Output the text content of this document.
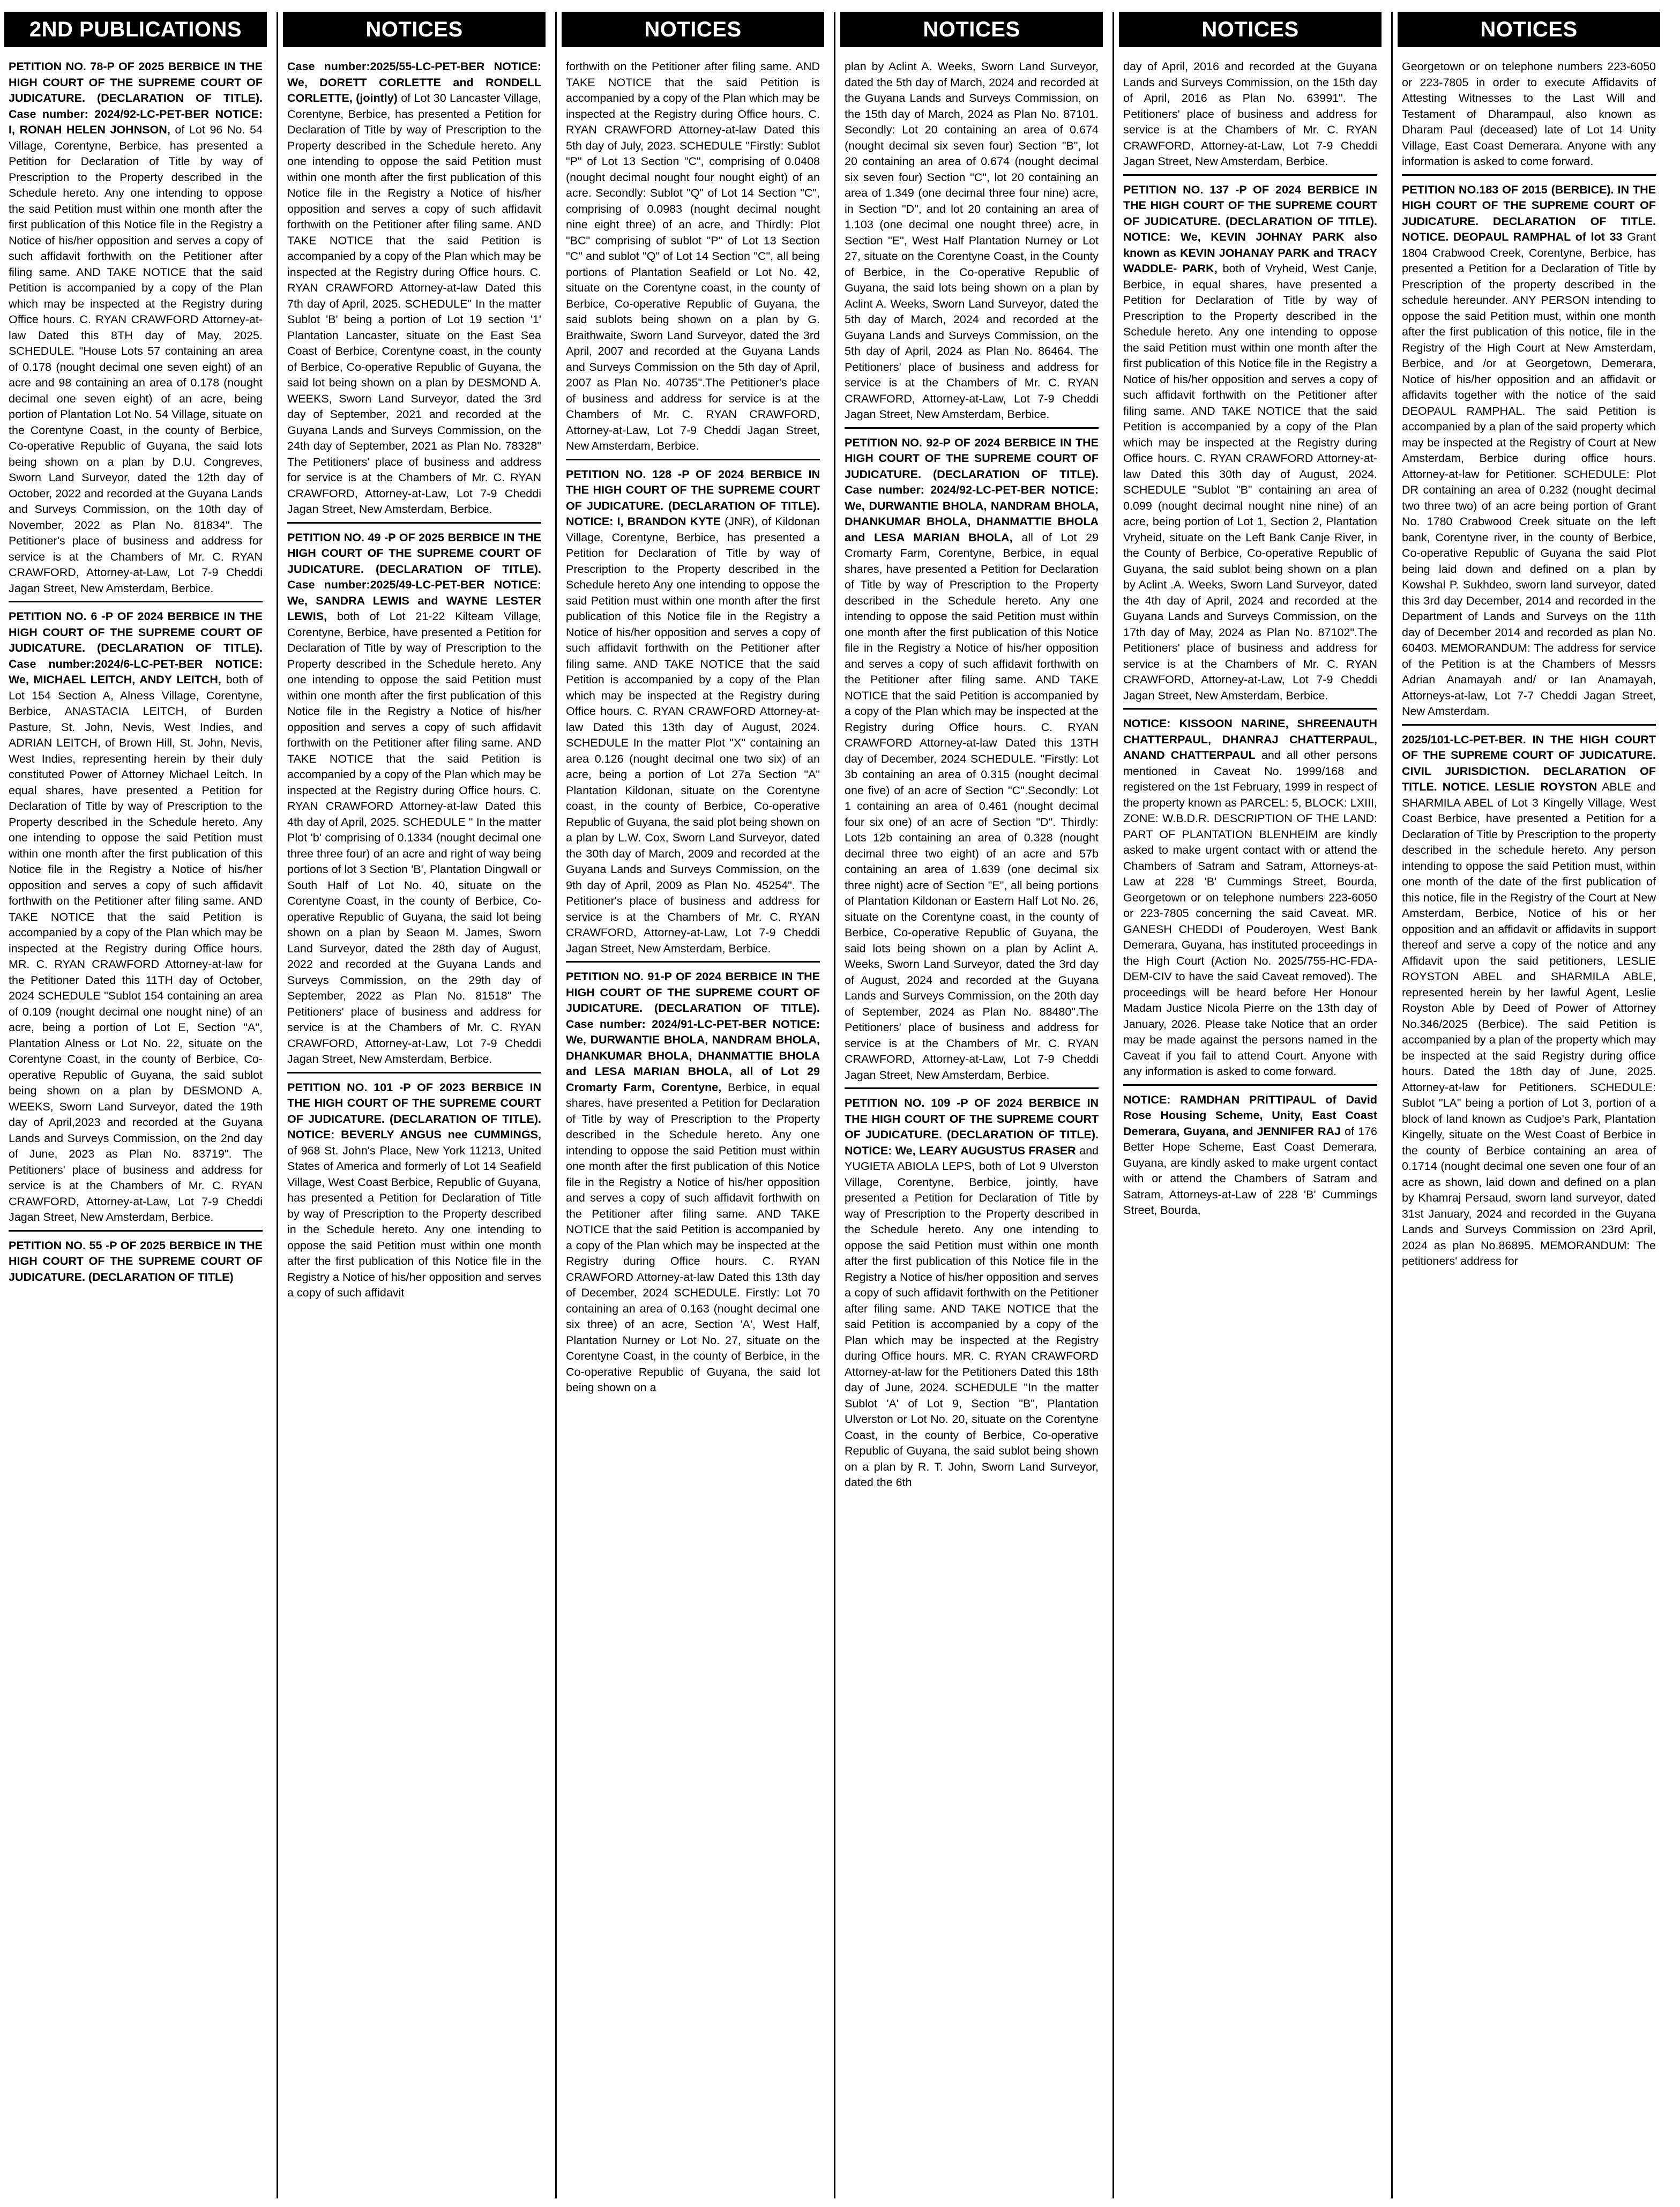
2ND PUBLICATIONS

PETITION NO. 78-P OF 2025 BERBICE IN THE HIGH COURT OF THE SUPREME COURT OF JUDICATURE. (DECLARATION OF TITLE). Case number: 2024/92-LC-PET-BER NOTICE: I, RONAH HELEN JOHNSON, of Lot 96 No. 54 Village, Corentyne, Berbice, has presented a Petition for Declaration of Title by way of Prescription to the Property described in the Schedule hereto. Any one intending to oppose the said Petition must within one month after the first publication of this Notice file in the Registry a Notice of his/her opposition and serves a copy of such affidavit forthwith on the Petitioner after filing same. AND TAKE NOTICE that the said Petition is accompanied by a copy of the Plan which may be inspected at the Registry during Office hours. C. RYAN CRAWFORD Attorney-at-law Dated this 8TH day of May, 2025. SCHEDULE. "House Lots 57 containing an area of 0.178 (nought decimal one seven eight) of an acre and 98 containing an area of 0.178 (nought decimal one seven eight) of an acre, being portion of Plantation Lot No. 54 Village, situate on the Corentyne Coast, in the county of Berbice, Co-operative Republic of Guyana, the said lots being shown on a plan by D.U. Congreves, Sworn Land Surveyor, dated the 12th day of October, 2022 and recorded at the Guyana Lands and Surveys Commission, on the 10th day of November, 2022 as Plan No. 81834". The Petitioner's place of business and address for service is at the Chambers of Mr. C. RYAN CRAWFORD, Attorney-at-Law, Lot 7-9 Cheddi Jagan Street, New Amsterdam, Berbice.

PETITION NO. 6 -P OF 2024 BERBICE IN THE HIGH COURT OF THE SUPREME COURT OF JUDICATURE. (DECLARATION OF TITLE). Case number:2024/6-LC-PET-BER NOTICE: We, MICHAEL LEITCH, ANDY LEITCH, both of Lot 154 Section A, Alness Village, Corentyne, Berbice, ANASTACIA LEITCH, of Burden Pasture, St. John, Nevis, West Indies, and ADRIAN LEITCH, of Brown Hill, St. John, Nevis, West Indies, representing herein by their duly constituted Power of Attorney Michael Leitch. In equal shares, have presented a Petition for Declaration of Title by way of Prescription to the Property described in the Schedule hereto. Any one intending to oppose the said Petition must within one month after the first publication of this Notice file in the Registry a Notice of his/her opposition and serves a copy of such affidavit forthwith on the Petitioner after filing same. AND TAKE NOTICE that the said Petition is accompanied by a copy of the Plan which may be inspected at the Registry during Office hours. MR. C. RYAN CRAWFORD Attorney-at-law for the Petitioner Dated this 11TH day of October, 2024 SCHEDULE "Sublot 154 containing an area of 0.109 (nought decimal one nought nine) of an acre, being a portion of Lot E, Section "A", Plantation Alness or Lot No. 22, situate on the Corentyne Coast, in the county of Berbice, Co-operative Republic of Guyana, the said sublot being shown on a plan by DESMOND A. WEEKS, Sworn Land Surveyor, dated the 19th day of April,2023 and recorded at the Guyana Lands and Surveys Commission, on the 2nd day of June, 2023 as Plan No. 83719". The Petitioners' place of business and address for service is at the Chambers of Mr. C. RYAN CRAWFORD, Attorney-at-Law, Lot 7-9 Cheddi Jagan Street, New Amsterdam, Berbice.

PETITION NO. 55 -P OF 2025 BERBICE IN THE HIGH COURT OF THE SUPREME COURT OF JUDICATURE. (DECLARATION OF TITLE)

NOTICES

Case number:2025/55-LC-PET-BER NOTICE: We, DORETT CORLETTE and RONDELL CORLETTE, (jointly) of Lot 30 Lancaster Village, Corentyne, Berbice, has presented a Petition for Declaration of Title by way of Prescription to the Property described in the Schedule hereto. Any one intending to oppose the said Petition must within one month after the first publication of this Notice file in the Registry a Notice of his/her opposition and serves a copy of such affidavit forthwith on the Petitioner after filing same. AND TAKE NOTICE that the said Petition is accompanied by a copy of the Plan which may be inspected at the Registry during Office hours. C. RYAN CRAWFORD Attorney-at-law Dated this 7th day of April, 2025. SCHEDULE" In the matter Sublot 'B' being a portion of Lot 19 section '1' Plantation Lancaster, situate on the East Sea Coast of Berbice, Corentyne coast, in the county of Berbice, Co-operative Republic of Guyana, the said lot being shown on a plan by DESMOND A. WEEKS, Sworn Land Surveyor, dated the 3rd day of September, 2021 and recorded at the Guyana Lands and Surveys Commission, on the 24th day of September, 2021 as Plan No. 78328" The Petitioners' place of business and address for service is at the Chambers of Mr. C. RYAN CRAWFORD, Attorney-at-Law, Lot 7-9 Cheddi Jagan Street, New Amsterdam, Berbice.

PETITION NO. 49 -P OF 2025 BERBICE IN THE HIGH COURT OF THE SUPREME COURT OF JUDICATURE. (DECLARATION OF TITLE). Case number:2025/49-LC-PET-BER NOTICE: We, SANDRA LEWIS and WAYNE LESTER LEWIS, both of Lot 21-22 Kilteam Village, Corentyne, Berbice, have presented a Petition for Declaration of Title by way of Prescription to the Property described in the Schedule hereto. Any one intending to oppose the said Petition must within one month after the first publication of this Notice file in the Registry a Notice of his/her opposition and serves a copy of such affidavit forthwith on the Petitioner after filing same. AND TAKE NOTICE that the said Petition is accompanied by a copy of the Plan which may be inspected at the Registry during Office hours. C. RYAN CRAWFORD Attorney-at-law Dated this 4th day of April, 2025. SCHEDULE " In the matter Plot 'b' comprising of 0.1334 (nought decimal one three three four) of an acre and right of way being portions of lot 3 Section 'B', Plantation Dingwall or South Half of Lot No. 40, situate on the Corentyne Coast, in the county of Berbice, Co-operative Republic of Guyana, the said lot being shown on a plan by Seaon M. James, Sworn Land Surveyor, dated the 28th day of August, 2022 and recorded at the Guyana Lands and Surveys Commission, on the 29th day of September, 2022 as Plan No. 81518" The Petitioners' place of business and address for service is at the Chambers of Mr. C. RYAN CRAWFORD, Attorney-at-Law, Lot 7-9 Cheddi Jagan Street, New Amsterdam, Berbice.

PETITION NO. 101 -P OF 2023 BERBICE IN THE HIGH COURT OF THE SUPREME COURT OF JUDICATURE. (DECLARATION OF TITLE). NOTICE: BEVERLY ANGUS nee CUMMINGS, of 968 St. John's Place, New York 11213, United States of America and formerly of Lot 14 Seafield Village, West Coast Berbice, Republic of Guyana, has presented a Petition for Declaration of Title by way of Prescription to the Property described in the Schedule hereto. Any one intending to oppose the said Petition must within one month after the first publication of this Notice file in the Registry a Notice of his/her opposition and serves a copy of such affidavit

NOTICES

forthwith on the Petitioner after filing same. AND TAKE NOTICE that the said Petition is accompanied by a copy of the Plan which may be inspected at the Registry during Office hours. C. RYAN CRAWFORD Attorney-at-law Dated this 5th day of July, 2023. SCHEDULE "Firstly: Sublot "P" of Lot 13 Section "C", comprising of 0.0408 (nought decimal nought four nought eight) of an acre. Secondly: Sublot "Q" of Lot 14 Section "C", comprising of 0.0983 (nought decimal nought nine eight three) of an acre, and Thirdly: Plot "BC" comprising of sublot "P" of Lot 13 Section "C" and sublot "Q" of Lot 14 Section "C", all being portions of Plantation Seafield or Lot No. 42, situate on the Corentyne coast, in the county of Berbice, Co-operative Republic of Guyana, the said sublots being shown on a plan by G. Braithwaite, Sworn Land Surveyor, dated the 3rd April, 2007 and recorded at the Guyana Lands and Surveys Commission on the 5th day of April, 2007 as Plan No. 40735".The Petitioner's place of business and address for service is at the Chambers of Mr. C. RYAN CRAWFORD, Attorney-at-Law, Lot 7-9 Cheddi Jagan Street, New Amsterdam, Berbice.

PETITION NO. 128 -P OF 2024 BERBICE IN THE HIGH COURT OF THE SUPREME COURT OF JUDICATURE. (DECLARATION OF TITLE). NOTICE: I, BRANDON KYTE (JNR), of Kildonan Village, Corentyne, Berbice, has presented a Petition for Declaration of Title by way of Prescription to the Property described in the Schedule hereto Any one intending to oppose the said Petition must within one month after the first publication of this Notice file in the Registry a Notice of his/her opposition and serves a copy of such affidavit forthwith on the Petitioner after filing same. AND TAKE NOTICE that the said Petition is accompanied by a copy of the Plan which may be inspected at the Registry during Office hours. C. RYAN CRAWFORD Attorney-at-law Dated this 13th day of August, 2024. SCHEDULE In the matter Plot "X" containing an area 0.126 (nought decimal one two six) of an acre, being a portion of Lot 27a Section "A" Plantation Kildonan, situate on the Corentyne coast, in the county of Berbice, Co-operative Republic of Guyana, the said plot being shown on a plan by L.W. Cox, Sworn Land Surveyor, dated the 30th day of March, 2009 and recorded at the Guyana Lands and Surveys Commission, on the 9th day of April, 2009 as Plan No. 45254". The Petitioner's place of business and address for service is at the Chambers of Mr. C. RYAN CRAWFORD, Attorney-at-Law, Lot 7-9 Cheddi Jagan Street, New Amsterdam, Berbice.

PETITION NO. 91-P OF 2024 BERBICE IN THE HIGH COURT OF THE SUPREME COURT OF JUDICATURE. (DECLARATION OF TITLE). Case number: 2024/91-LC-PET-BER NOTICE: We, DURWANTIE BHOLA, NANDRAM BHOLA, DHANKUMAR BHOLA, DHANMATTIE BHOLA and LESA MARIAN BHOLA, all of Lot 29 Cromarty Farm, Corentyne, Berbice, in equal shares, have presented a Petition for Declaration of Title by way of Prescription to the Property described in the Schedule hereto. Any one intending to oppose the said Petition must within one month after the first publication of this Notice file in the Registry a Notice of his/her opposition and serves a copy of such affidavit forthwith on the Petitioner after filing same. AND TAKE NOTICE that the said Petition is accompanied by a copy of the Plan which may be inspected at the Registry during Office hours. C. RYAN CRAWFORD Attorney-at-law Dated this 13th day of December, 2024 SCHEDULE. Firstly: Lot 70 containing an area of 0.163 (nought decimal one six three) of an acre, Section 'A', West Half, Plantation Nurney or Lot No. 27, situate on the Corentyne Coast, in the county of Berbice, in the Co-operative Republic of Guyana, the said lot being shown on a

NOTICES

plan by Aclint A. Weeks, Sworn Land Surveyor, dated the 5th day of March, 2024 and recorded at the Guyana Lands and Surveys Commission, on the 15th day of March, 2024 as Plan No. 87101. Secondly: Lot 20 containing an area of 0.674 (nought decimal six seven four) Section "B", lot 20 containing an area of 0.674 (nought decimal six seven four) Section "C", lot 20 containing an area of 1.349 (one decimal three four nine) acre, in Section "D", and lot 20 containing an area of 1.103 (one decimal one nought three) acre, in Section "E", West Half Plantation Nurney or Lot 27, situate on the Corentyne Coast, in the County of Berbice, in the Co-operative Republic of Guyana, the said lots being shown on a plan by Aclint A. Weeks, Sworn Land Surveyor, dated the 5th day of March, 2024 and recorded at the Guyana Lands and Surveys Commission, on the 5th day of April, 2024 as Plan No. 86464. The Petitioners' place of business and address for service is at the Chambers of Mr. C. RYAN CRAWFORD, Attorney-at-Law, Lot 7-9 Cheddi Jagan Street, New Amsterdam, Berbice.

PETITION NO. 92-P OF 2024 BERBICE IN THE HIGH COURT OF THE SUPREME COURT OF JUDICATURE. (DECLARATION OF TITLE). Case number: 2024/92-LC-PET-BER NOTICE: We, DURWANTIE BHOLA, NANDRAM BHOLA, DHANKUMAR BHOLA, DHANMATTIE BHOLA and LESA MARIAN BHOLA, all of Lot 29 Cromarty Farm, Corentyne, Berbice, in equal shares, have presented a Petition for Declaration of Title by way of Prescription to the Property described in the Schedule hereto. Any one intending to oppose the said Petition must within one month after the first publication of this Notice file in the Registry a Notice of his/her opposition and serves a copy of such affidavit forthwith on the Petitioner after filing same. AND TAKE NOTICE that the said Petition is accompanied by a copy of the Plan which may be inspected at the Registry during Office hours. C. RYAN CRAWFORD Attorney-at-law Dated this 13TH day of December, 2024 SCHEDULE. "Firstly: Lot 3b containing an area of 0.315 (nought decimal one five) of an acre of Section "C".Secondly: Lot 1 containing an area of 0.461 (nought decimal four six one) of an acre of Section "D". Thirdly: Lots 12b containing an area of 0.328 (nought decimal three two eight) of an acre and 57b containing an area of 1.639 (one decimal six three night) acre of Section "E", all being portions of Plantation Kildonan or Eastern Half Lot No. 26, situate on the Corentyne coast, in the county of Berbice, Co-operative Republic of Guyana, the said lots being shown on a plan by Aclint A. Weeks, Sworn Land Surveyor, dated the 3rd day of August, 2024 and recorded at the Guyana Lands and Surveys Commission, on the 20th day of September, 2024 as Plan No. 88480".The Petitioners' place of business and address for service is at the Chambers of Mr. C. RYAN CRAWFORD, Attorney-at-Law, Lot 7-9 Cheddi Jagan Street, New Amsterdam, Berbice.

PETITION NO. 109 -P OF 2024 BERBICE IN THE HIGH COURT OF THE SUPREME COURT OF JUDICATURE. (DECLARATION OF TITLE). NOTICE: We, LEARY AUGUSTUS FRASER and YUGIETA ABIOLA LEPS, both of Lot 9 Ulverston Village, Corentyne, Berbice, jointly, have presented a Petition for Declaration of Title by way of Prescription to the Property described in the Schedule hereto. Any one intending to oppose the said Petition must within one month after the first publication of this Notice file in the Registry a Notice of his/her opposition and serves a copy of such affidavit forthwith on the Petitioner after filing same. AND TAKE NOTICE that the said Petition is accompanied by a copy of the Plan which may be inspected at the Registry during Office hours. MR. C. RYAN CRAWFORD Attorney-at-law for the Petitioners Dated this 18th day of June, 2024. SCHEDULE "In the matter Sublot 'A' of Lot 9, Section "B", Plantation Ulverston or Lot No. 20, situate on the Corentyne Coast, in the county of Berbice, Co-operative Republic of Guyana, the said sublot being shown on a plan by R. T. John, Sworn Land Surveyor, dated the 6th

NOTICES

day of April, 2016 and recorded at the Guyana Lands and Surveys Commission, on the 15th day of April, 2016 as Plan No. 63991". The Petitioners' place of business and address for service is at the Chambers of Mr. C. RYAN CRAWFORD, Attorney-at-Law, Lot 7-9 Cheddi Jagan Street, New Amsterdam, Berbice.

PETITION NO. 137 -P OF 2024 BERBICE IN THE HIGH COURT OF THE SUPREME COURT OF JUDICATURE. (DECLARATION OF TITLE). NOTICE: We, KEVIN JOHNAY PARK also known as KEVIN JOHANAY PARK and TRACY WADDLE- PARK, both of Vryheid, West Canje, Berbice, in equal shares, have presented a Petition for Declaration of Title by way of Prescription to the Property described in the Schedule hereto. Any one intending to oppose the said Petition must within one month after the first publication of this Notice file in the Registry a Notice of his/her opposition and serves a copy of such affidavit forthwith on the Petitioner after filing same. AND TAKE NOTICE that the said Petition is accompanied by a copy of the Plan which may be inspected at the Registry during Office hours. C. RYAN CRAWFORD Attorney-at-law Dated this 30th day of August, 2024. SCHEDULE "Sublot "B" containing an area of 0.099 (nought decimal nought nine nine) of an acre, being portion of Lot 1, Section 2, Plantation Vryheid, situate on the Left Bank Canje River, in the County of Berbice, Co-operative Republic of Guyana, the said sublot being shown on a plan by Aclint .A. Weeks, Sworn Land Surveyor, dated the 4th day of April, 2024 and recorded at the Guyana Lands and Surveys Commission, on the 17th day of May, 2024 as Plan No. 87102".The Petitioners' place of business and address for service is at the Chambers of Mr. C. RYAN CRAWFORD, Attorney-at-Law, Lot 7-9 Cheddi Jagan Street, New Amsterdam, Berbice.

NOTICE: KISSOON NARINE, SHREENAUTH CHATTERPAUL, DHANRAJ CHATTERPAUL, ANAND CHATTERPAUL and all other persons mentioned in Caveat No. 1999/168 and registered on the 1st February, 1999 in respect of the property known as PARCEL: 5, BLOCK: LXIII, ZONE: W.B.D.R. DESCRIPTION OF THE LAND: PART OF PLANTATION BLENHEIM are kindly asked to make urgent contact with or attend the Chambers of Satram and Satram, Attorneys-at-Law at 228 'B' Cummings Street, Bourda, Georgetown or on telephone numbers 223-6050 or 223-7805 concerning the said Caveat. MR. GANESH CHEDDI of Pouderoyen, West Bank Demerara, Guyana, has instituted proceedings in the High Court (Action No. 2025/755-HC-FDA-DEM-CIV to have the said Caveat removed). The proceedings will be heard before Her Honour Madam Justice Nicola Pierre on the 13th day of January, 2026. Please take Notice that an order may be made against the persons named in the Caveat if you fail to attend Court. Anyone with any information is asked to come forward.

NOTICE: RAMDHAN PRITTIPAUL of David Rose Housing Scheme, Unity, East Coast Demerara, Guyana, and JENNIFER RAJ of 176 Better Hope Scheme, East Coast Demerara, Guyana, are kindly asked to make urgent contact with or attend the Chambers of Satram and Satram, Attorneys-at-Law of 228 'B' Cummings Street, Bourda,

NOTICES

Georgetown or on telephone numbers 223-6050 or 223-7805 in order to execute Affidavits of Attesting Witnesses to the Last Will and Testament of Dharampaul, also known as Dharam Paul (deceased) late of Lot 14 Unity Village, East Coast Demerara. Anyone with any information is asked to come forward.

PETITION NO.183 OF 2015 (BERBICE). IN THE HIGH COURT OF THE SUPREME COURT OF JUDICATURE. DECLARATION OF TITLE. NOTICE. DEOPAUL RAMPHAL of lot 33 Grant 1804 Crabwood Creek, Corentyne, Berbice, has presented a Petition for a Declaration of Title by Prescription of the property described in the schedule hereunder. ANY PERSON intending to oppose the said Petition must, within one month after the first publication of this notice, file in the Registry of the High Court at New Amsterdam, Berbice, and /or at Georgetown, Demerara, Notice of his/her opposition and an affidavit or affidavits together with the notice of the said DEOPAUL RAMPHAL. The said Petition is accompanied by a plan of the said property which may be inspected at the Registry of Court at New Amsterdam, Berbice during office hours. Attorney-at-law for Petitioner. SCHEDULE: Plot DR containing an area of 0.232 (nought decimal two three two) of an acre being portion of Grant No. 1780 Crabwood Creek situate on the left bank, Corentyne river, in the county of Berbice, Co-operative Republic of Guyana the said Plot being laid down and defined on a plan by Kowshal P. Sukhdeo, sworn land surveyor, dated this 3rd day December, 2014 and recorded in the Department of Lands and Surveys on the 11th day of December 2014 and recorded as plan No. 60403. MEMORANDUM: The address for service of the Petition is at the Chambers of Messrs Adrian Anamayah and/ or Ian Anamayah, Attorneys-at-law, Lot 7-7 Cheddi Jagan Street, New Amsterdam.

2025/101-LC-PET-BER. IN THE HIGH COURT OF THE SUPREME COURT OF JUDICATURE. CIVIL JURISDICTION. DECLARATION OF TITLE. NOTICE. LESLIE ROYSTON ABLE and SHARMILA ABEL of Lot 3 Kingelly Village, West Coast Berbice, have presented a Petition for a Declaration of Title by Prescription to the property described in the schedule hereto. Any person intending to oppose the said Petition must, within one month of the date of the first publication of this notice, file in the Registry of the Court at New Amsterdam, Berbice, Notice of his or her opposition and an affidavit or affidavits in support thereof and serve a copy of the notice and any Affidavit upon the said petitioners, LESLIE ROYSTON ABEL and SHARMILA ABLE, represented herein by her lawful Agent, Leslie Royston Able by Deed of Power of Attorney No.346/2025 (Berbice). The said Petition is accompanied by a plan of the property which may be inspected at the said Registry during office hours. Dated the 18th day of June, 2025. Attorney-at-law for Petitioners. SCHEDULE: Sublot "LA" being a portion of Lot 3, portion of a block of land known as Cudjoe's Park, Plantation Kingelly, situate on the West Coast of Berbice in the county of Berbice containing an area of 0.1714 (nought decimal one seven one four of an acre as shown, laid down and defined on a plan by Khamraj Persaud, sworn land surveyor, dated 31st January, 2024 and recorded in the Guyana Lands and Surveys Commission on 23rd April, 2024 as plan No.86895. MEMORANDUM: The petitioners' address for
